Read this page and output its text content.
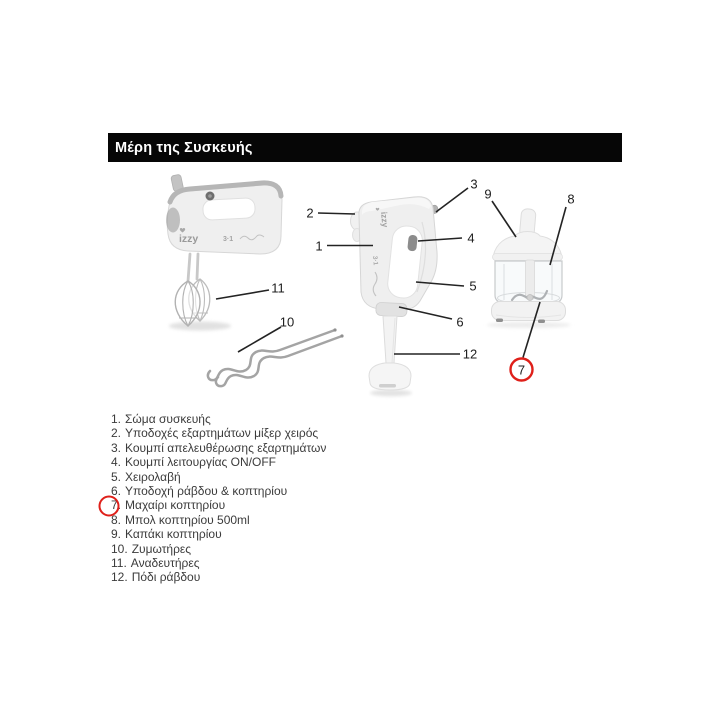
Μέρη της Συσκευής
izzy	3·1
izzy
3·1
1
2
3
4
5
6
7
8
9
10
11
12
1. Σώμα συσκευής
2. Υποδοχές εξαρτημάτων μίξερ χειρός
3. Κουμπί απελευθέρωσης εξαρτημάτων
4. Κουμπί λειτουργίας ON/OFF
5. Χειρολαβή
6. Υποδοχή ράβδου & κοπτηρίου
7. Μαχαίρι κοπτηρίου
8. Μπολ κοπτηρίου 500ml
9. Καπάκι κοπτηρίου
10. Ζυμωτήρες
11. Αναδευτήρες
12. Πόδι ράβδου
